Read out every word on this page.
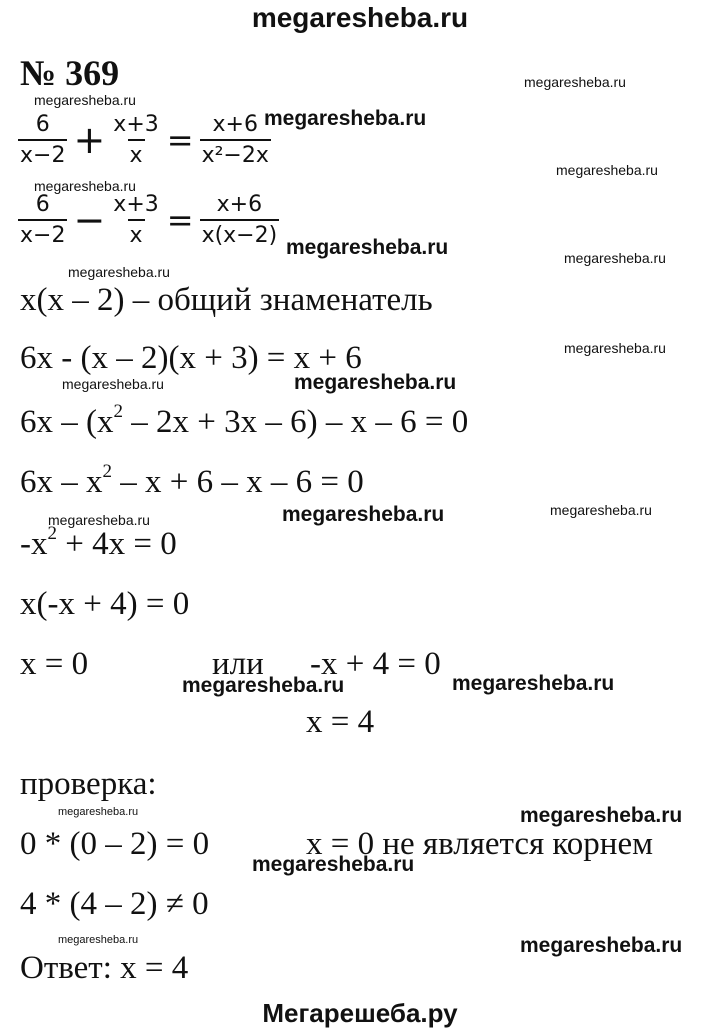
megaresheba.ru
Мегарешеба.ру
№ 369
$\frac{6}{x-2} + \frac{x+3}{x} = \frac{x+6}{\text{x²−2x}}$
$\frac{6}{x-2} - \frac{x+3}{x} = \frac{x+6}{x(x-2)}$
x(x – 2) – общий знаменатель
6x - (x – 2)(x + 3) = x + 6
$6x - (x^2 - 2x + 3x - 6) - x - 6 = 0$
$6x - x^2 - x + 6 - x - 6 = 0$
$-x^2 + 4x = 0$
x(-x + 4) = 0
x = 0	или -x + 4 = 0
x = 4
проверка:
0 * (0 – 2) = 0	x = 0 не является корнем
4 * (4 – 2) ≠ 0
Ответ: x = 4
megaresheba.ru
megaresheba.ru
megaresheba.ru
megaresheba.ru
megaresheba.ru
megaresheba.ru	megaresheba.ru
megaresheba.ru
megaresheba.ru
megaresheba.ru	megaresheba.ru
megaresheba.ru
megaresheba.ru
megaresheba.ru
megaresheba.ru	megaresheba.ru
megaresheba.ru	megaresheba.ru
megaresheba.ru
megaresheba.ru	megaresheba.ru
